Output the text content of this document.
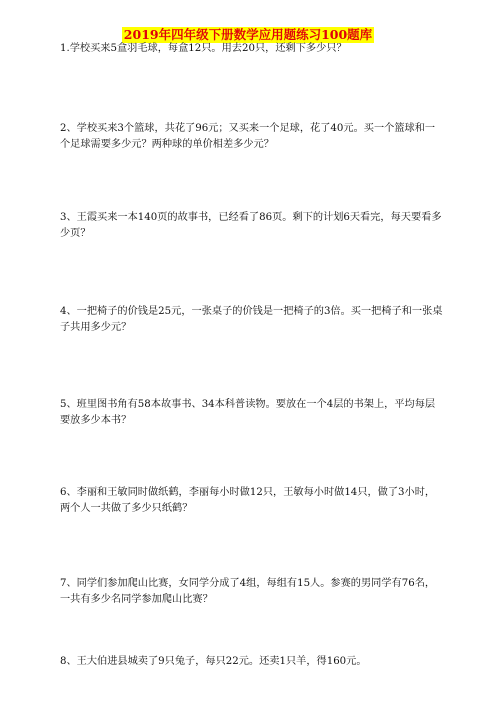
2019年四年级下册数学应用题练习100题库

1.学校买来5盒羽毛球，每盒12只。用去20只，还剩下多少只？

2、学校买来3个篮球，共花了96元；又买来一个足球，花了40元。买一个篮球和一个足球需要多少元？两种球的单价相差多少元？

3、王霞买来一本140页的故事书，已经看了86页。剩下的计划6天看完，每天要看多少页？

4、一把椅子的价钱是25元，一张桌子的价钱是一把椅子的3倍。买一把椅子和一张桌子共用多少元？

5、班里图书角有58本故事书、34本科普读物。要放在一个4层的书架上，平均每层要放多少本书？

6、李丽和王敏同时做纸鹤，李丽每小时做12只，王敏每小时做14只，做了3小时，两个人一共做了多少只纸鹤？

7、同学们参加爬山比赛，女同学分成了4组，每组有15人。参赛的男同学有76名，一共有多少名同学参加爬山比赛？

8、王大伯进县城卖了9只兔子，每只22元。还卖1只羊，得160元。
